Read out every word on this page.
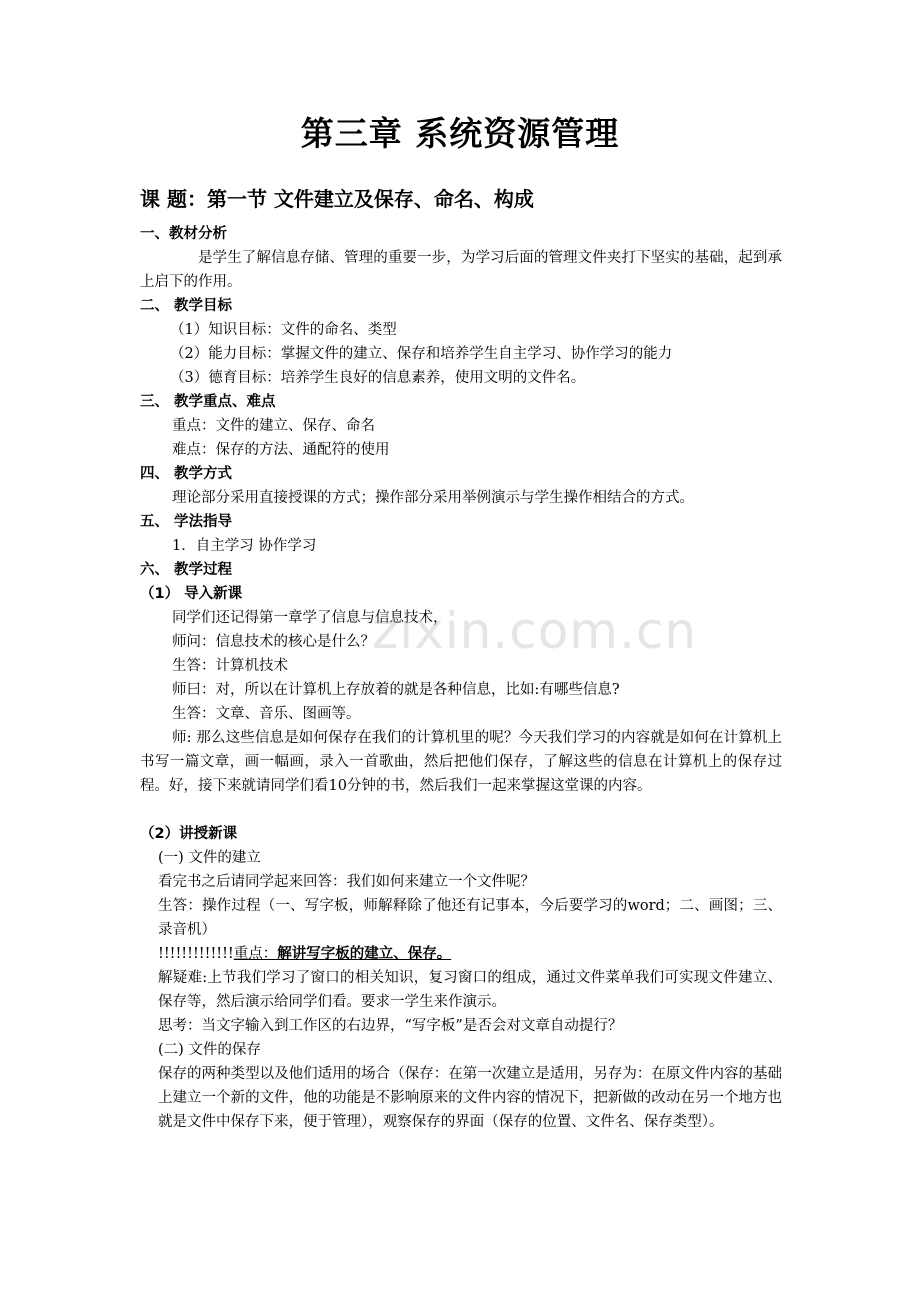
第三章 系统资源管理
课 题：第一节 文件建立及保存、命名、构成
一、教材分析
是学生了解信息存储、管理的重要一步，为学习后面的管理文件夹打下坚实的基础，起到承上启下的作用。
二、 教学目标
（1）知识目标：文件的命名、类型
（2）能力目标：掌握文件的建立、保存和培养学生自主学习、协作学习的能力
（3）德育目标：培养学生良好的信息素养，使用文明的文件名。
三、 教学重点、难点
重点：文件的建立、保存、命名
难点：保存的方法、通配符的使用
四、 教学方式
理论部分采用直接授课的方式；操作部分采用举例演示与学生操作相结合的方式。
五、 学法指导
1．自主学习 协作学习
六、 教学过程
（1） 导入新课
同学们还记得第一章学了信息与信息技术，
师问：信息技术的核心是什么？
生答：计算机技术
师曰：对，所以在计算机上存放着的就是各种信息，比如:有哪些信息?
生答：文章、音乐、图画等。
师: 那么这些信息是如何保存在我们的计算机里的呢？今天我们学习的内容就是如何在计算机上书写一篇文章，画一幅画，录入一首歌曲，然后把他们保存，了解这些的信息在计算机上的保存过程。好，接下来就请同学们看10分钟的书，然后我们一起来掌握这堂课的内容。
（2）讲授新课
(一) 文件的建立
看完书之后请同学起来回答：我们如何来建立一个文件呢？
生答：操作过程（一、写字板，师解释除了他还有记事本，今后要学习的word；二、画图；三、录音机）
!!!!!!!!!!!!!重点：解讲写字板的建立、保存。
解疑难:上节我们学习了窗口的相关知识，复习窗口的组成，通过文件菜单我们可实现文件建立、保存等，然后演示给同学们看。要求一学生来作演示。
思考：当文字输入到工作区的右边界，“写字板”是否会对文章自动提行？
(二) 文件的保存
保存的两种类型以及他们适用的场合（保存：在第一次建立是适用，另存为：在原文件内容的基础上建立一个新的文件，他的功能是不影响原来的文件内容的情况下，把新做的改动在另一个地方也就是文件中保存下来，便于管理），观察保存的界面（保存的位置、文件名、保存类型）。
zixin.com.cn
